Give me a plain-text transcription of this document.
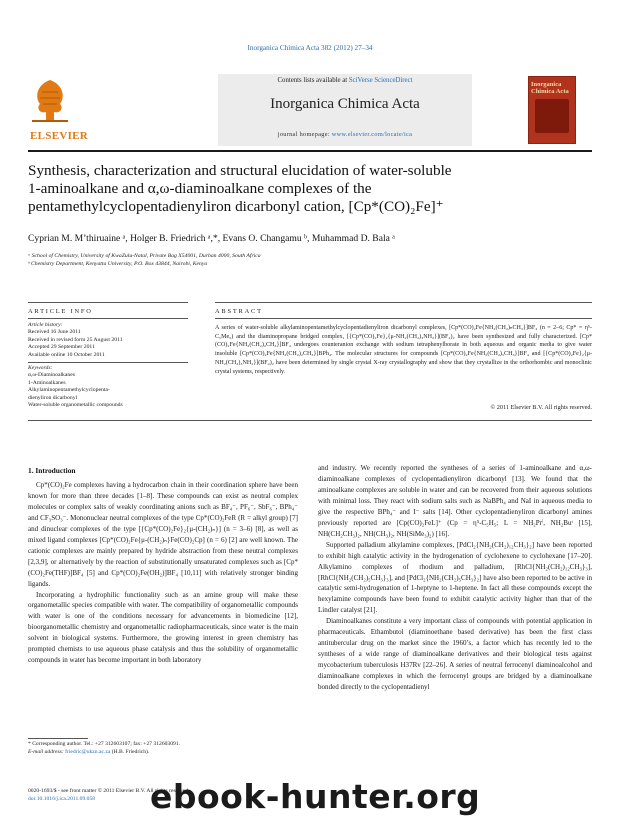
Inorganica Chimica Acta 382 (2012) 27–34
ELSEVIER
Contents lists available at SciVerse ScienceDirect
Inorganica Chimica Acta
journal homepage: www.elsevier.com/locate/ica
Inorganica Chimica Acta
Synthesis, characterization and structural elucidation of water-soluble
1-aminoalkane and α,ω-diaminoalkane complexes of the
pentamethylcyclopentadienyliron dicarbonyl cation, [Cp*(CO)₂Fe]⁺
Cyprian M. M’thiruaine ᵃ, Holger B. Friedrich ᵃ,*, Evans O. Changamu ᵇ, Muhammad D. Bala ᵃ
ᵃ School of Chemistry, University of KwaZulu-Natal, Private Bag X54001, Durban 4000, South Africa
ᵇ Chemistry Department, Kenyatta University, P.O. Box 43844, Nairobi, Kenya
ARTICLE INFO
Article history:
Received 16 June 2011
Received in revised form 25 August 2011
Accepted 29 September 2011
Available online 10 October 2011
Keywords:
α,ω-Diaminoalkanes
1-Aminoalkanes
Alkylaminopentamethylcyclopenta-
dienyliron dicarbonyl
Water-soluble organometallic compounds
ABSTRACT
A series of water-soluble alkylaminopentamethylcyclopentadienyliron dicarbonyl complexes, [Cp*(CO)₂Fe{NH₂(CH₂)ₙCH₃}]BF₄ (n = 2–6; Cp* = η⁵-C₅Me₅) and the diaminopropane bridged complex, [{Cp*(CO)₂Fe}₂{μ-NH₂(CH₂)₃NH₂}](BF₄)₂ have been synthesized and fully characterized. [Cp*(CO)₂Fe{NH₂(CH₂)₂CH₃}]BF₄ undergoes counteranion exchange with sodium tetraphenylborate in both aqueous and organic media to give water insoluble [Cp*(CO)₂Fe{NH₂(CH₂)₂CH₃}]BPh₄. The molecular structures for compounds [Cp*(CO)₂Fe{NH₂(CH₂)₅CH₃}]BF₄ and [{Cp*(CO)₂Fe}₂{μ-NH₂(CH₂)₃NH₂}](BF₄)₂ have been determined by single crystal X-ray crystallography and show that they crystallize in the orthorhombic and monoclinic crystal systems, respectively.
© 2011 Elsevier B.V. All rights reserved.
1. Introduction

Cp*(CO)₂Fe complexes having a hydrocarbon chain in their coordination sphere have been known for more than three decades [1–8]. These compounds can exist as neutral complex molecules or complex salts of weakly coordinating anions such as BF₄⁻, PF₆⁻, SbF₆⁻, BPh₄⁻ and CF₃SO₃⁻. Mononuclear neutral complexes of the type Cp*(CO)₂FeR (R = alkyl group) [7] and dinuclear complexes of the type [{Cp*(CO)₂Fe}₂{μ-(CH₂)ₙ}] (n = 3–6) [8], as well as mixed ligand complexes [Cp*(CO)₂Fe{μ-(CH₂)ₙ}Fe(CO)₂Cp] (n = 6) [2] are well known. The cationic complexes are mainly prepared by hydride abstraction from these neutral complexes [2,3,9], or alternatively by the reaction of substitutionally unsaturated complexes such as [Cp*(CO)₂Fe(THF)]BF₄ [5] and Cp*(CO)₂Fe(OH₂)]BF₄ [10,11] with relatively stronger binding ligands.

Incorporating a hydrophilic functionality such as an amine group will make these organometallic species compatible with water. The compatibility of organometallic compounds with water is one of the conditions necessary for advancements in biomedicine [12], bioorganometallic chemistry and organometallic radiopharmaceuticals, since water is the main solvent in biological systems. Furthermore, the growing interest in green chemistry has prompted chemists to use aqueous phase catalysis and thus the solubility of organometallic compounds in water has become important in both laboratory

and industry. We recently reported the syntheses of a series of 1-aminoalkane and α,ω-diaminoalkane complexes of cyclopentadienyliron dicarbonyl [13]. We found that the aminoalkane complexes are soluble in water and can be recovered from their aqueous solutions with minimal loss. They react with sodium salts such as NaBPh₄ and NaI in aqueous media to give the respective BPh₄⁻ and I⁻ salts [14]. Other cyclopentadienyliron dicarbonyl amines previously reported are [Cp(CO)₂FeL]⁺ (Cp = η⁵-C₅H₅; L = NH₂Prⁱ, NH₂Buᵗ [15], NH(CH₂CH₃)₂, NH(CH₃)₂, NH(SiMe₃)₂) [16].

Supported palladium alkylamine complexes, [PdCl₂{NH₂(CH₂)₁₂CH₃}₂] have been reported to exhibit high catalytic activity in the hydrogenation of cyclohexene to cyclohexane [17–20]. Alkylamino complexes of rhodium and palladium, [RhCl{NH₂(CH₂)₁₂CH₃}₃], [RhCl{NH₂(CH₂)₅CH₃}₃], and [PdCl₂{NH₂(CH₂)₅CH₃}₂] have also been reported to be active in catalytic semi-hydrogenation of 1-heptyne to 1-heptene. In fact all these compounds except the hexylamine compounds have been found to exhibit catalytic activity higher than that of the Lindler catalyst [21].

Diaminoalkanes constitute a very important class of compounds with potential application in pharmaceuticals. Ethambutol (diaminoethane based derivative) has been the first class antitubercular drug on the market since the 1960’s, a factor which has recently led to the syntheses of a wide range of diaminoalkane derivatives and their biological tests against mycobacterium tuberculosis H37Rv [22–26]. A series of neutral ferrocenyl diaminoalcohol and diaminoalkane complexes in which the ferrocenyl groups are bridged by a diaminoalkane bonded directly to the cyclopentadienyl

* Corresponding author. Tel.: +27 312603107; fax: +27 312603091.
E-mail address: friedric@ukzn.ac.za (H.B. Friedrich).
0020-1693/$ - see front matter © 2011 Elsevier B.V. All rights reserved.
doi:10.1016/j.ica.2011.09.058	ebook-hunter.org
